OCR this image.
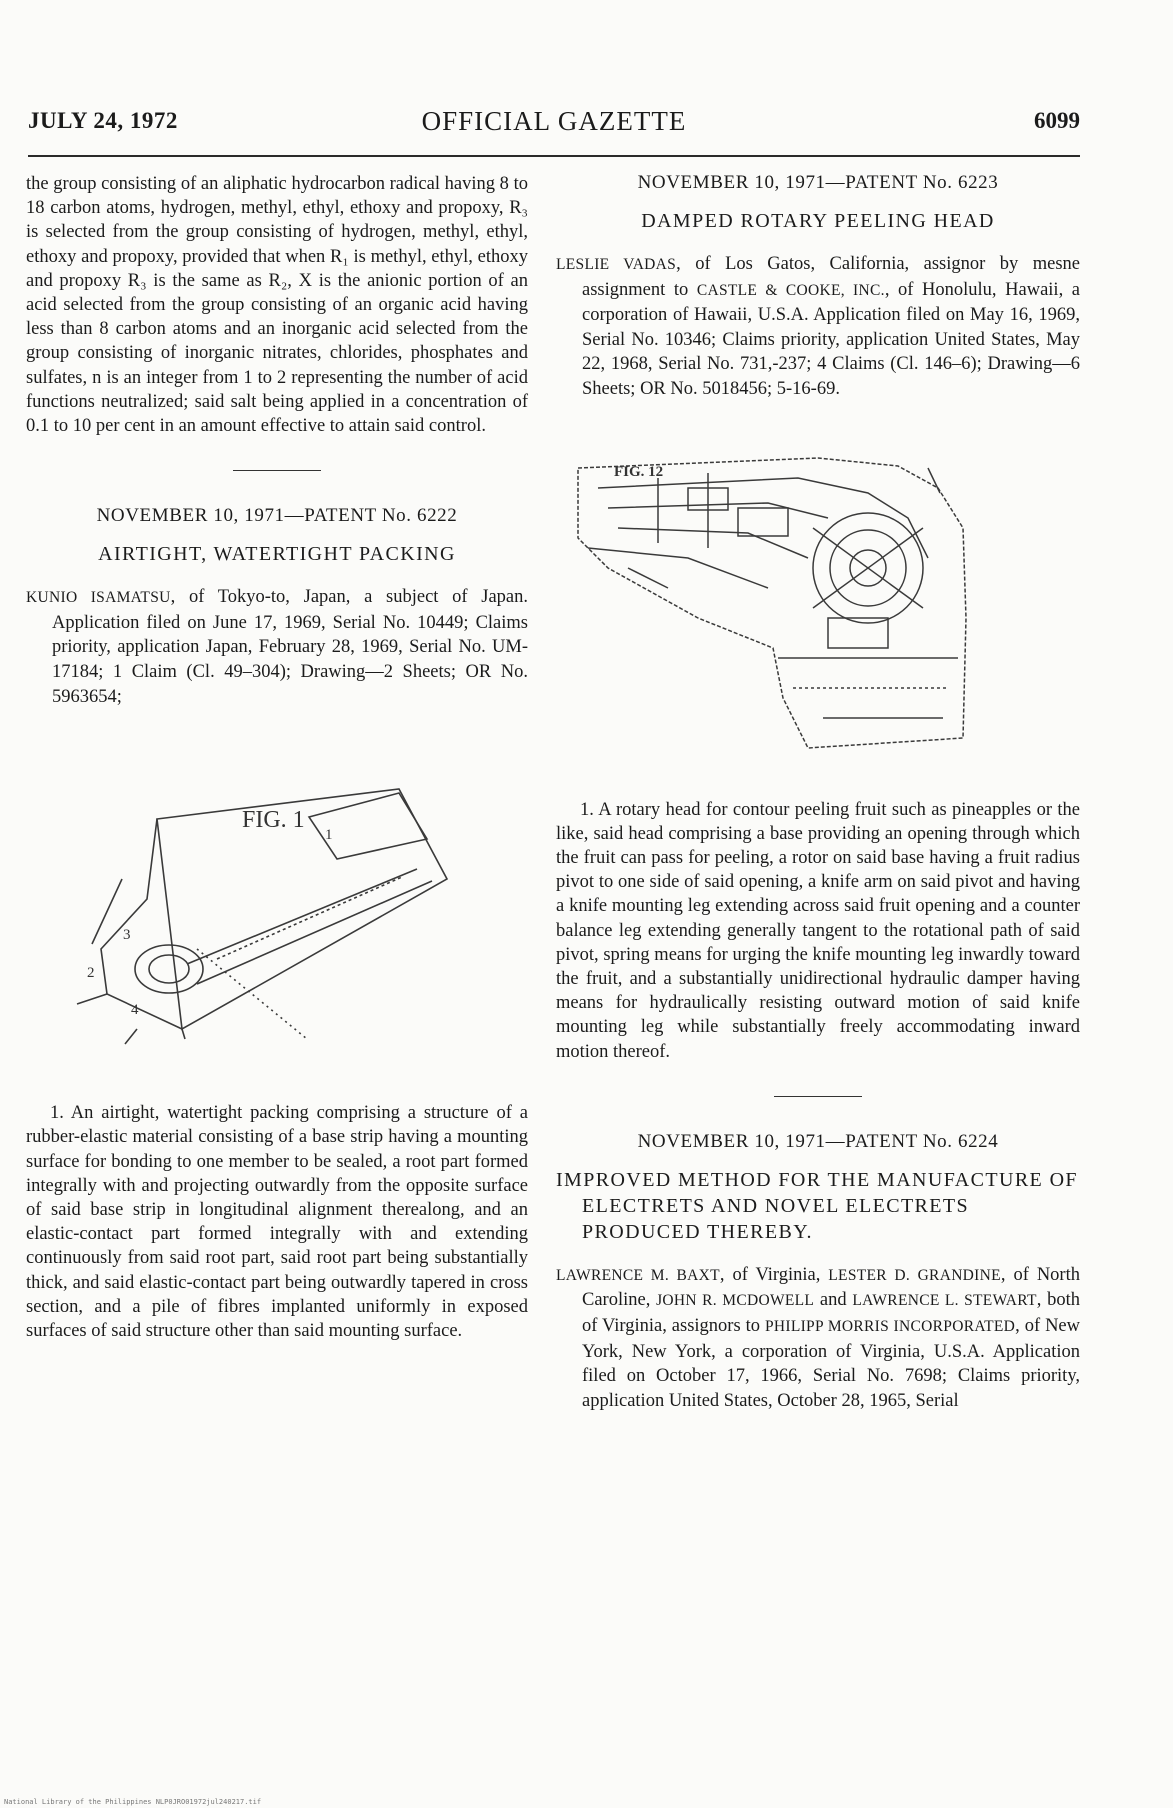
JULY 24, 1972	OFFICIAL GAZETTE	6099

the group consisting of an aliphatic hydrocarbon radical having 8 to 18 carbon atoms, hydrogen, methyl, ethyl, ethoxy and propoxy, R₃ is selected from the group consisting of hydrogen, methyl, ethyl, ethoxy and propoxy, provided that when R₁ is methyl, ethyl, ethoxy and propoxy R₃ is the same as R₂, X is the anionic portion of an acid selected from the group consisting of an organic acid having less than 8 carbon atoms and an inorganic acid selected from the group consisting of inorganic nitrates, chlorides, phosphates and sulfates, n is an integer from 1 to 2 representing the number of acid functions neutralized; said salt being applied in a concentration of 0.1 to 10 per cent in an amount effective to attain said control.

NOVEMBER 10, 1971—PATENT No. 6222

AIRTIGHT, WATERTIGHT PACKING

KUNIO ISAMATSU, of Tokyo-to, Japan, a subject of Japan. Application filed on June 17, 1969, Serial No. 10449; Claims priority, application Japan, February 28, 1969, Serial No. UM-17184; 1 Claim (Cl. 49–304); Drawing—2 Sheets; OR No. 5963654;

FIG. 1
1
2
3
4

1. An airtight, watertight packing comprising a structure of a rubber-elastic material consisting of a base strip having a mounting surface for bonding to one member to be sealed, a root part formed integrally with and projecting outwardly from the opposite surface of said base strip in longitudinal alignment therealong, and an elastic-contact part formed integrally with and extending continuously from said root part, said root part being substantially thick, and said elastic-contact part being outwardly tapered in cross section, and a pile of fibres implanted uniformly in exposed surfaces of said structure other than said mounting surface.

NOVEMBER 10, 1971—PATENT No. 6223

DAMPED ROTARY PEELING HEAD

LESLIE VADAS, of Los Gatos, California, assignor by mesne assignment to CASTLE & COOKE, INC., of Honolulu, Hawaii, a corporation of Hawaii, U.S.A. Application filed on May 16, 1969, Serial No. 10346; Claims priority, application United States, May 22, 1968, Serial No. 731,-237; 4 Claims (Cl. 146–6); Drawing—6 Sheets; OR No. 5018456; 5-16-69.

FIG. 12

1. A rotary head for contour peeling fruit such as pineapples or the like, said head comprising a base providing an opening through which the fruit can pass for peeling, a rotor on said base having a fruit radius pivot to one side of said opening, a knife arm on said pivot and having a knife mounting leg extending across said fruit opening and a counter balance leg extending generally tangent to the rotational path of said pivot, spring means for urging the knife mounting leg inwardly toward the fruit, and a substantially unidirectional hydraulic damper having means for hydraulically resisting outward motion of said knife mounting leg while substantially freely accommodating inward motion thereof.

NOVEMBER 10, 1971—PATENT No. 6224

IMPROVED METHOD FOR THE MANUFACTURE OF ELECTRETS AND NOVEL ELECTRETS PRODUCED THEREBY.

LAWRENCE M. BAXT, of Virginia, LESTER D. GRANDINE, of North Caroline, JOHN R. MCDOWELL and LAWRENCE L. STEWART, both of Virginia, assignors to PHILIPP MORRIS INCORPORATED, of New York, New York, a corporation of Virginia, U.S.A. Application filed on October 17, 1966, Serial No. 7698; Claims priority, application United States, October 28, 1965, Serial

National Library of the Philippines NLP0JRO01972jul240217.tif
